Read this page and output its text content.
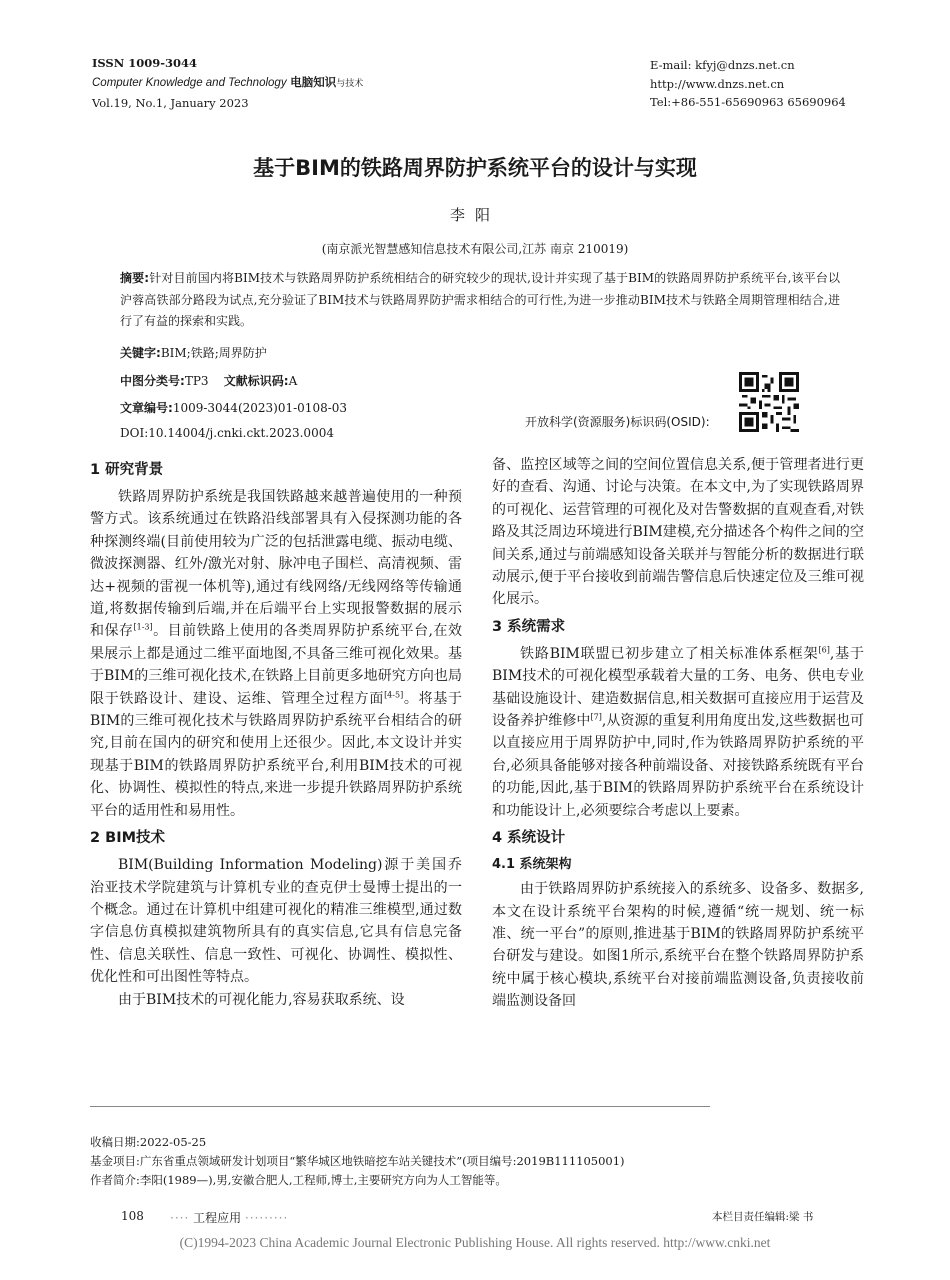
ISSN 1009-3044
Computer Knowledge and Technology 电脑知识与技术
Vol.19, No.1, January 2023
E-mail: kfyj@dnzs.net.cn
http://www.dnzs.net.cn
Tel:+86-551-65690963 65690964
基于BIM的铁路周界防护系统平台的设计与实现
李阳
(南京派光智慧感知信息技术有限公司,江苏 南京 210019)
摘要:针对目前国内将BIM技术与铁路周界防护系统相结合的研究较少的现状,设计并实现了基于BIM的铁路周界防护系统平台,该平台以沪蓉高铁部分路段为试点,充分验证了BIM技术与铁路周界防护需求相结合的可行性,为进一步推动BIM技术与铁路全周期管理相结合,进行了有益的探索和实践。
关键字:BIM;铁路;周界防护
中图分类号:TP3 文献标识码:A
文章编号:1009-3044(2023)01-0108-03
DOI:10.14004/j.cnki.ckt.2023.0004
开放科学(资源服务)标识码(OSID):
1 研究背景

铁路周界防护系统是我国铁路越来越普遍使用的一种预警方式。该系统通过在铁路沿线部署具有入侵探测功能的各种探测终端(目前使用较为广泛的包括泄露电缆、振动电缆、微波探测器、红外/激光对射、脉冲电子围栏、高清视频、雷达+视频的雷视一体机等),通过有线网络/无线网络等传输通道,将数据传输到后端,并在后端平台上实现报警数据的展示和保存[1-3]。目前铁路上使用的各类周界防护系统平台,在效果展示上都是通过二维平面地图,不具备三维可视化效果。基于BIM的三维可视化技术,在铁路上目前更多地研究方向也局限于铁路设计、建设、运维、管理全过程方面[4-5]。将基于BIM的三维可视化技术与铁路周界防护系统平台相结合的研究,目前在国内的研究和使用上还很少。因此,本文设计并实现基于BIM的铁路周界防护系统平台,利用BIM技术的可视化、协调性、模拟性的特点,来进一步提升铁路周界防护系统平台的适用性和易用性。

2 BIM技术

BIM(Building Information Modeling)源于美国乔治亚技术学院建筑与计算机专业的查克伊士曼博士提出的一个概念。通过在计算机中组建可视化的精准三维模型,通过数字信息仿真模拟建筑物所具有的真实信息,它具有信息完备性、信息关联性、信息一致性、可视化、协调性、模拟性、优化性和可出图性等特点。

由于BIM技术的可视化能力,容易获取系统、设

备、监控区域等之间的空间位置信息关系,便于管理者进行更好的查看、沟通、讨论与决策。在本文中,为了实现铁路周界的可视化、运营管理的可视化及对告警数据的直观查看,对铁路及其泛周边环境进行BIM建模,充分描述各个构件之间的空间关系,通过与前端感知设备关联并与智能分析的数据进行联动展示,便于平台接收到前端告警信息后快速定位及三维可视化展示。

3 系统需求

铁路BIM联盟已初步建立了相关标准体系框架[6],基于BIM技术的可视化模型承载着大量的工务、电务、供电专业基础设施设计、建造数据信息,相关数据可直接应用于运营及设备养护维修中[7],从资源的重复利用角度出发,这些数据也可以直接应用于周界防护中,同时,作为铁路周界防护系统的平台,必须具备能够对接各种前端设备、对接铁路系统既有平台的功能,因此,基于BIM的铁路周界防护系统平台在系统设计和功能设计上,必须要综合考虑以上要素。

4 系统设计
4.1 系统架构

由于铁路周界防护系统接入的系统多、设备多、数据多,本文在设计系统平台架构的时候,遵循“统一规划、统一标准、统一平台”的原则,推进基于BIM的铁路周界防护系统平台研发与建设。如图1所示,系统平台在整个铁路周界防护系统中属于核心模块,系统平台对接前端监测设备,负责接收前端监测设备回

收稿日期:2022-05-25
基金项目:广东省重点领域研发计划项目“繁华城区地铁暗挖车站关键技术”(项目编号:2019B111105001)
作者简介:李阳(1989—),男,安徽合肥人,工程师,博士,主要研究方向为人工智能等。
108 ···· 工程应用 ·········	本栏目责任编辑:梁 书
(C)1994-2023 China Academic Journal Electronic Publishing House. All rights reserved. http://www.cnki.net
